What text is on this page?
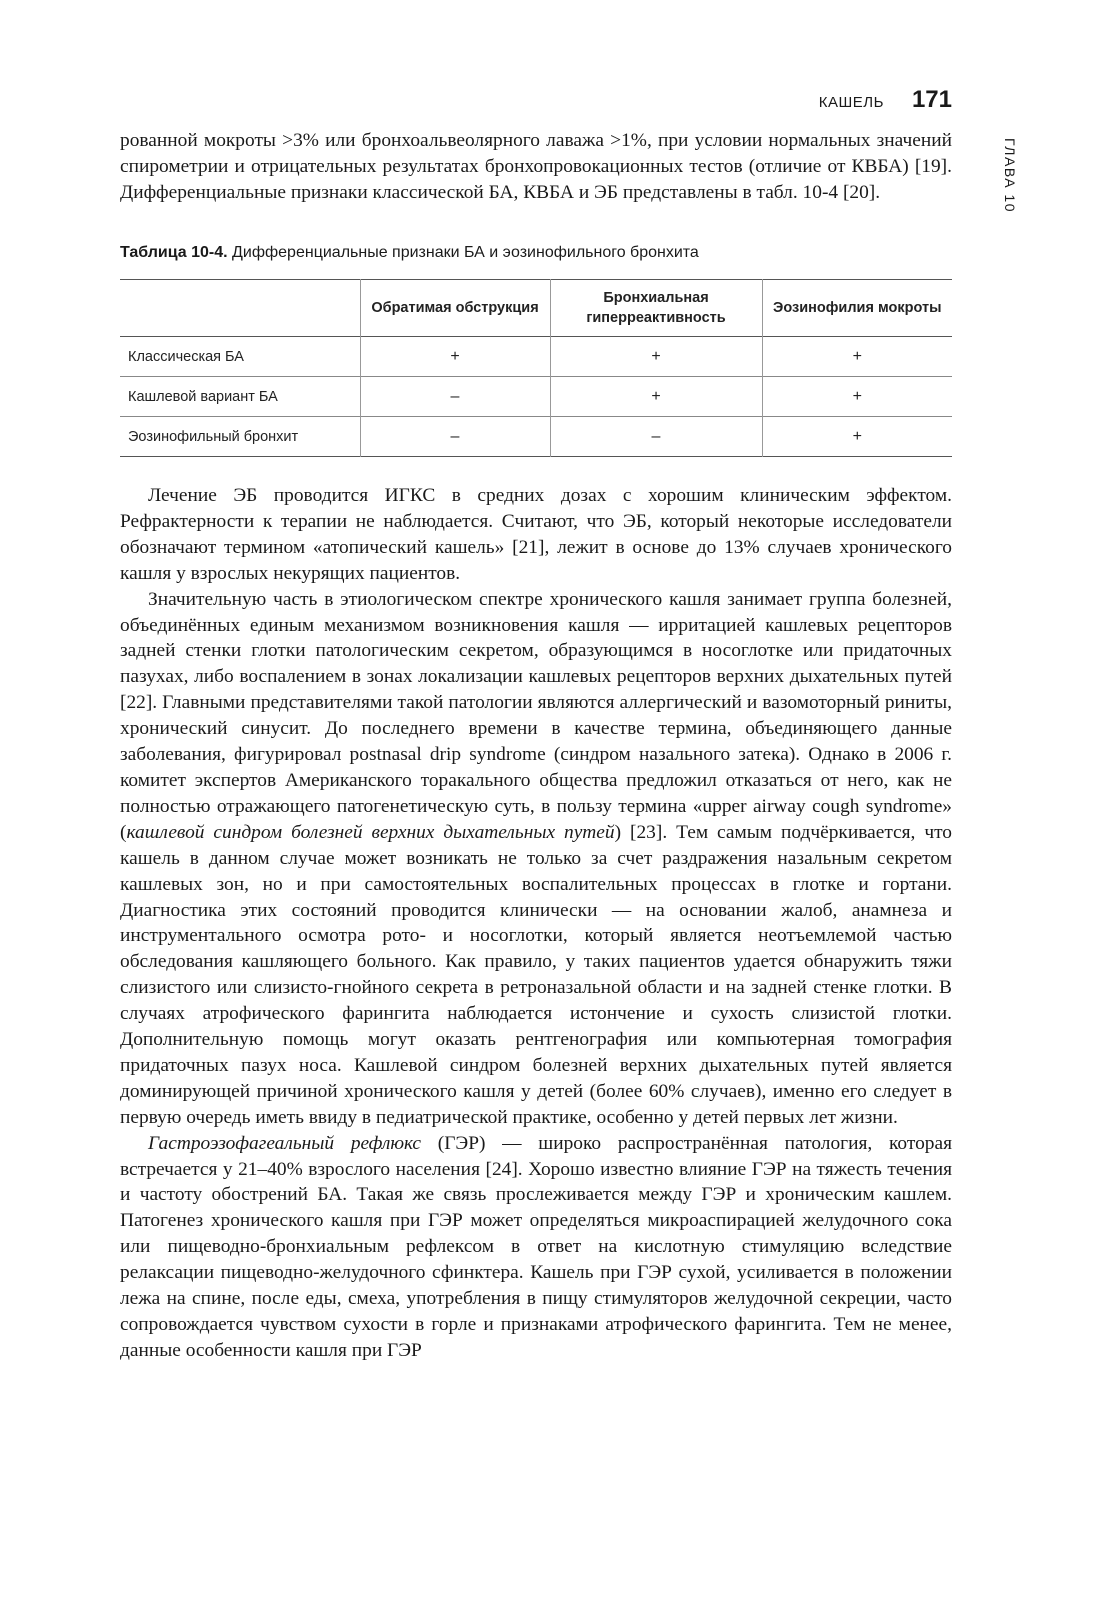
КАШЕЛЬ 171
ГЛАВА 10

рованной мокроты >3% или бронхоальвеолярного лаважа >1%, при условии нормальных значений спирометрии и отрицательных результатах бронхопровокационных тестов (отличие от КВБА) [19]. Дифференциальные признаки классической БА, КВБА и ЭБ представлены в табл. 10-4 [20].

Таблица 10-4. Дифференциальные признаки БА и эозинофильного бронхита
	Обратимая обструкция	Бронхиальная гиперреактивность	Эозинофилия мокроты
Классическая БА	+	+	+
Кашлевой вариант БА	–	+	+
Эозинофильный бронхит	–	–	+

Лечение ЭБ проводится ИГКС в средних дозах с хорошим клиническим эффектом. Рефрактерности к терапии не наблюдается. Считают, что ЭБ, который некоторые исследователи обозначают термином «атопический кашель» [21], лежит в основе до 13% случаев хронического кашля у взрослых некурящих пациентов.

Значительную часть в этиологическом спектре хронического кашля занимает группа болезней, объединённых единым механизмом возникновения кашля — ирритацией кашлевых рецепторов задней стенки глотки патологическим секретом, образующимся в носоглотке или придаточных пазухах, либо воспалением в зонах локализации кашлевых рецепторов верхних дыхательных путей [22]. Главными представителями такой патологии являются аллергический и вазомоторный риниты, хронический синусит. До последнего времени в качестве термина, объединяющего данные заболевания, фигурировал postnasal drip syndrome (синдром назального затека). Однако в 2006 г. комитет экспертов Американского торакального общества предложил отказаться от него, как не полностью отражающего патогенетическую суть, в пользу термина «upper airway cough syndrome» (кашлевой синдром болезней верхних дыхательных путей) [23]. Тем самым подчёркивается, что кашель в данном случае может возникать не только за счет раздражения назальным секретом кашлевых зон, но и при самостоятельных воспалительных процессах в глотке и гортани. Диагностика этих состояний проводится клинически — на основании жалоб, анамнеза и инструментального осмотра рото- и носоглотки, который является неотъемлемой частью обследования кашляющего больного. Как правило, у таких пациентов удается обнаружить тяжи слизистого или слизисто-гнойного секрета в ретроназальной области и на задней стенке глотки. В случаях атрофического фарингита наблюдается истончение и сухость слизистой глотки. Дополнительную помощь могут оказать рентгенография или компьютерная томография придаточных пазух носа. Кашлевой синдром болезней верхних дыхательных путей является доминирующей причиной хронического кашля у детей (более 60% случаев), именно его следует в первую очередь иметь ввиду в педиатрической практике, особенно у детей первых лет жизни.

Гастроэзофагеальный рефлюкс (ГЭР) — широко распространённая патология, которая встречается у 21–40% взрослого населения [24]. Хорошо известно влияние ГЭР на тяжесть течения и частоту обострений БА. Такая же связь прослеживается между ГЭР и хроническим кашлем. Патогенез хронического кашля при ГЭР может определяться микроаспирацией желудочного сока или пищеводно-бронхиальным рефлексом в ответ на кислотную стимуляцию вследствие релаксации пищеводно-желудочного сфинктера. Кашель при ГЭР сухой, усиливается в положении лежа на спине, после еды, смеха, употребления в пищу стимуляторов желудочной секреции, часто сопровождается чувством сухости в горле и признаками атрофического фарингита. Тем не менее, данные особенности кашля при ГЭР
